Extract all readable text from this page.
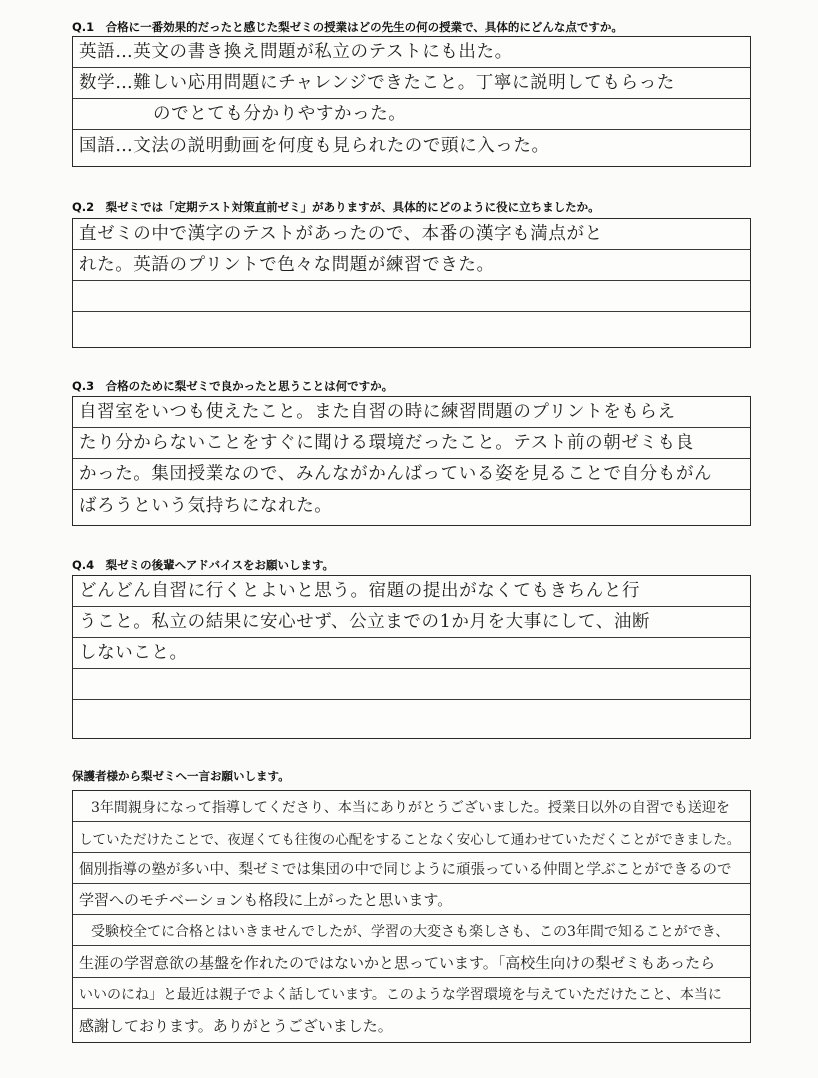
Q.1　合格に一番効果的だったと感じた梨ゼミの授業はどの先生の何の授業で、具体的にどんな点ですか。
英語…英文の書き換え問題が私立のテストにも出た。
数学…難しい応用問題にチャレンジできたこと。丁寧に説明してもらった
のでとても分かりやすかった。
国語…文法の説明動画を何度も見られたので頭に入った。
Q.2　梨ゼミでは「定期テスト対策直前ゼミ」がありますが、具体的にどのように役に立ちましたか。
直ゼミの中で漢字のテストがあったので、本番の漢字も満点がと
れた。英語のプリントで色々な問題が練習できた。
Q.3　合格のために梨ゼミで良かったと思うことは何ですか。
自習室をいつも使えたこと。また自習の時に練習問題のプリントをもらえ
たり分からないことをすぐに聞ける環境だったこと。テスト前の朝ゼミも良
かった。集団授業なので、みんながかんばっている姿を見ることで自分もがん
ばろうという気持ちになれた。
Q.4　梨ゼミの後輩へアドバイスをお願いします。
どんどん自習に行くとよいと思う。宿題の提出がなくてもきちんと行
うこと。私立の結果に安心せず、公立までの1か月を大事にして、油断
しないこと。
保護者様から梨ゼミへ一言お願いします。
3年間親身になって指導してくださり、本当にありがとうございました。授業日以外の自習でも送迎を
していただけたことで、夜遅くても往復の心配をすることなく安心して通わせていただくことができました。
個別指導の塾が多い中、梨ゼミでは集団の中で同じように頑張っている仲間と学ぶことができるので
学習へのモチベーションも格段に上がったと思います。
受験校全てに合格とはいきませんでしたが、学習の大変さも楽しさも、この3年間で知ることができ、
生涯の学習意欲の基盤を作れたのではないかと思っています。「高校生向けの梨ゼミもあったら
いいのにね」と最近は親子でよく話しています。このような学習環境を与えていただけたこと、本当に
感謝しております。ありがとうございました。
